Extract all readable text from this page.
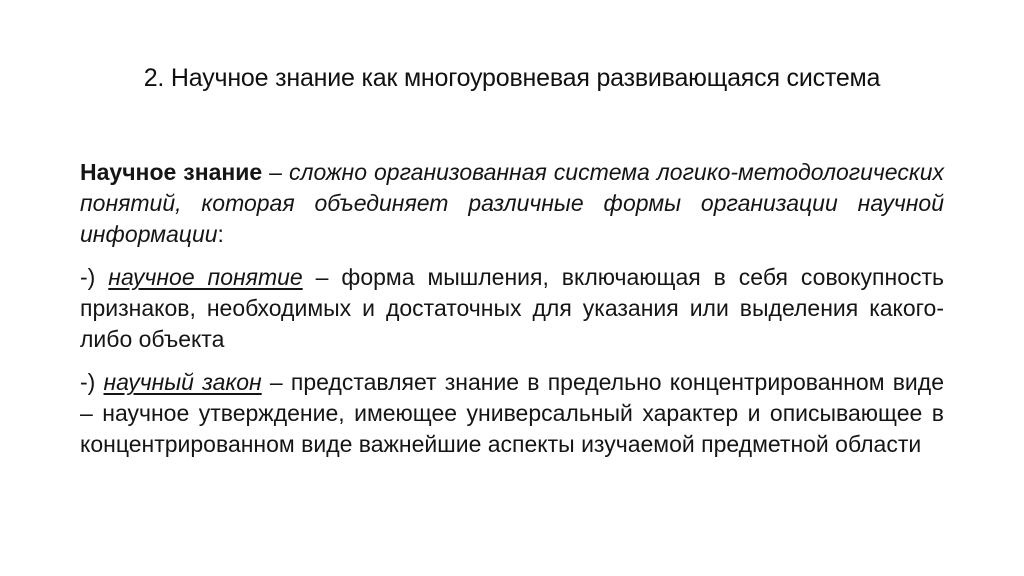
2. Научное знание как многоуровневая развивающаяся система

Научное знание – сложно организованная система логико-методологических понятий, которая объединяет различные формы организации научной информации:

-) научное понятие – форма мышления, включающая в себя совокупность признаков, необходимых и достаточных для указания или выделения какого-либо объекта

-) научный закон – представляет знание в предельно концентрированном виде – научное утверждение, имеющее универсальный характер и описывающее в концентрированном виде важнейшие аспекты изучаемой предметной области
